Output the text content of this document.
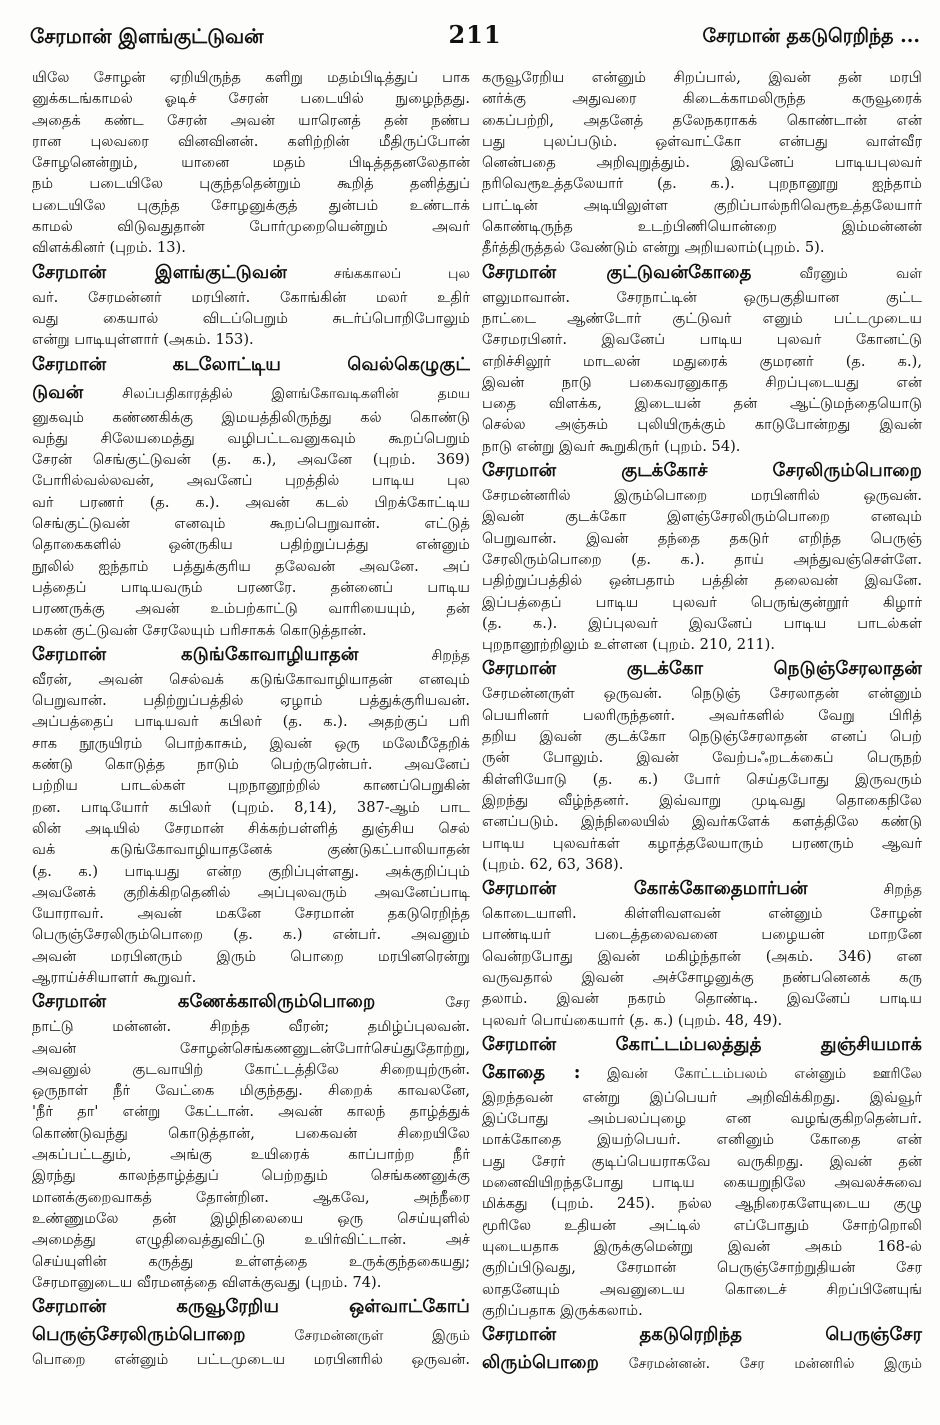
சேரமான் இளங்குட்டுவன்	211	சேரமான் தகடுரெறிந்த ...
யிலே சோழன் ஏறியிருந்த களிறு மதம்பிடித்துப் பாக
னுக்கடங்காமல் ஓடிச் சேரன் படையில் நுழைந்தது.
அதைக் கண்ட சேரன் அவன் யாரெனத் தன் நண்ப
ரான புலவரை வினவினன். களிற்றின் மீதிருப்போன்
சோழனென்றும், யானை மதம் பிடித்ததனலேதான்
நம் படையிலே புகுந்ததென்றும் கூறித் தனித்துப்
படையிலே புகுந்த சோழனுக்குத் துன்பம் உண்டாக்
காமல் விடுவதுதான் போர்முறையென்றும் அவர்
விளக்கினர் (புறம். 13).
சேரமான் இளங்குட்டுவன்	சங்ககாலப் புல
வர். சேரமன்னர் மரபினர். கோங்கின் மலர் உதிர்
வது கையால் விடப்பெறும் சுடர்ப்பொறிபோலும்
என்று பாடியுள்ளார் (அகம். 153).
சேரமான் கடலோட்டிய வெல்கெழுகுட்
டுவன்	சிலப்பதிகாரத்தில் இளங்கோவடிகளின் தமய
னுகவும் கண்ணகிக்கு இமயத்திலிருந்து கல் கொண்டு
வந்து சிலேயமைத்து வழிபட்டவனுகவும் கூறப்பெறும்
சேரன் செங்குட்டுவன் (த. க.), அவனே (புறம். 369)
போரில்வல்லவன், அவனேப் புறத்தில் பாடிய புல
வர் பரணர் (த. க.). அவன் கடல் பிறக்கோட்டிய
செங்குட்டுவன் எனவும் கூறப்பெறுவான். எட்டுத்
தொகைகளில் ஒன்ருகிய பதிற்றுப்பத்து என்னும்
நூலில் ஐந்தாம் பத்துக்குரிய தலேவன் அவனே. அப்
பத்தைப் பாடியவரும் பரணரே. தன்னைப் பாடிய
பரணருக்கு அவன் உம்பற்காட்டு வாரியையும், தன்
மகன் குட்டுவன் சேரலேயும் பரிசாகக் கொடுத்தான்.
சேரமான் கடுங்கோவாழியாதன்	சிறந்த
வீரன், அவன் செல்வக் கடுங்கோவாழியாதன் எனவும்
பெறுவான். பதிற்றுப்பத்தில் ஏழாம் பத்துக்குரியவன்.
அப்பத்தைப் பாடியவர் கபிலர் (த. க.). அதற்குப் பரி
சாக நூருயிரம் பொற்காசும், இவன் ஒரு மலேமீதேறிக்
கண்டு கொடுத்த நாடும் பெற்ருரென்பர். அவனேப்
பற்றிய பாடல்கள் புறநானூற்றில் காணப்பெறுகின்
றன. பாடியோர் கபிலர் (புறம். 8,14), 387-ஆம் பாட
லின் அடியில் சேரமான் சிக்கற்பள்ளித் துஞ்சிய செல்
வக் கடுங்கோவாழியாதனேக் குண்டுகட்பாலியாதன்
(த. க.) பாடியது என்ற குறிப்புள்ளது. அக்குறிப்பும்
அவனேக் குறிக்கிறதெனில் அப்புலவரும் அவனேப்பாடி
யோராவர். அவன் மகனே சேரமான் தகடுரெறிந்த
பெருஞ்சேரலிரும்பொறை (த. க.) என்பர். அவனும்
அவன் மரபினரும் இரும் பொறை மரபினரென்று
ஆராய்ச்சியாளர் கூறுவர்.
சேரமான் கணேக்காலிரும்பொறை	சேர
நாட்டு மன்னன். சிறந்த வீரன்; தமிழ்ப்புலவன்.
அவன் சோழன்செங்கணனுடன்போர்செய்துதோற்று,
அவனுல் குடவாயிற் கோட்டத்திலே சிறையுற்ருன்.
ஒருநாள் நீர் வேட்கை மிகுந்தது. சிறைக் காவலனே,
'நீர் தா' என்று கேட்டான். அவன் காலந் தாழ்த்துக்
கொண்டுவந்து கொடுத்தான், பகைவன் சிறையிலே
அகப்பட்டதும், அங்கு உயிரைக் காப்பாற்ற நீர்
இரந்து காலந்தாழ்த்துப் பெற்றதும் செங்கணனுக்கு
மானக்குறைவாகத் தோன்றின. ஆகவே, அந்நீரை
உண்ணுமலே தன் இழிநிலையை ஒரு செய்யுளில்
அமைத்து எழுதிவைத்துவிட்டு உயிர்விட்டான். அச்
செய்யுளின் கருத்து உள்ளத்தை உருக்குந்தகையது;
சேரமானுடைய வீரமனத்தை விளக்குவது (புறம். 74).
சேரமான் கருவூரேறிய ஒள்வாட்கோப்
பெருஞ்சேரலிரும்பொறை	சேரமன்னருள் இரும்
பொறை என்னும் பட்டமுடைய மரபினரில் ஒருவன்.
கருவூரேறிய என்னும் சிறப்பால், இவன் தன் மரபி
னர்க்கு அதுவரை கிடைக்காமலிருந்த கருவூரைக்
கைப்பற்றி, அதனேத் தலேநகராகக் கொண்டான் என்
பது புலப்படும். ஒள்வாட்கோ என்பது வாள்வீர
னென்பதை அறிவுறுத்தும். இவனேப் பாடியபுலவர்
நரிவெரூஉத்தலேயார் (த. க.). புறநானூறு ஐந்தாம்
பாட்டின் அடியிலுள்ள குறிப்பால்நரிவெரூஉத்தலேயார்
கொண்டிருந்த உடற்பிணியொன்றை இம்மன்னன்
தீர்த்திருத்தல் வேண்டும் என்று அறியலாம்(புறம். 5).
சேரமான் குட்டுவன்கோதை	வீரனும் வள்
ளலுமாவான். சேரநாட்டின் ஒருபகுதியான குட்ட
நாட்டை ஆண்டோர் குட்டுவர் எனும் பட்டமுடைய
சேரமரபினர். இவனேப் பாடிய புலவர் கோனட்டு
எறிச்சிலூர் மாடலன் மதுரைக் குமரனர் (த. க.),
இவன் நாடு பகைவரனுகாத சிறப்புடையது என்
பதை விளக்க, இடையன் தன் ஆட்டுமந்தையொடு
செல்ல அஞ்சும் புலியிருக்கும் காடுபோன்றது இவன்
நாடு என்று இவர் கூறுகிருர் (புறம். 54).
சேரமான் குடக்கோச் சேரலிரும்பொறை
சேரமன்னரில் இரும்பொறை மரபினரில் ஒருவன்.
இவன் குடக்கோ இளஞ்சேரலிரும்பொறை எனவும்
பெறுவான். இவன் தந்தை தகடுர் எறிந்த பெருஞ்
சேரலிரும்பொறை (த. க.). தாய் அந்துவஞ்செள்ளே.
பதிற்றுப்பத்தில் ஒன்பதாம் பத்தின் தலைவன் இவனே.
இப்பத்தைப் பாடிய புலவர் பெருங்குன்றூர் கிழார்
(த. க.). இப்புலவர் இவனேப் பாடிய பாடல்கள்
புறநானூற்றிலும் உள்ளன (புறம். 210, 211).
சேரமான் குடக்கோ நெடுஞ்சேரலாதன்
சேரமன்னருள் ஒருவன். நெடுஞ் சேரலாதன் என்னும்
பெயரினர் பலரிருந்தனர். அவர்களில் வேறு பிரித்
தறிய இவன் குடக்கோ நெடுஞ்சேரலாதன் எனப் பெற்
ருன் போலும். இவன் வேற்பஃறடக்கைப் பெருநற்
கிள்ளியோடு (த. க.) போர் செய்தபோது இருவரும்
இறந்து வீழ்ந்தனர். இவ்வாறு முடிவது தொகைநிலே
எனப்படும். இந்நிலையில் இவர்களேக் களத்திலே கண்டு
பாடிய புலவர்கள் கழாத்தலேயாரும் பரணரும் ஆவர்
(புறம். 62, 63, 368).
சேரமான் கோக்கோதைமார்பன்	சிறந்த
கொடையாளி. கிள்ளிவளவன் என்னும் சோழன்
பாண்டியர் படைத்தலைவனை பழையன் மாறனே
வென்றபோது இவன் மகிழ்ந்தான் (அகம். 346) என
வருவதால் இவன் அச்சோழனுக்கு நண்பனெனக் கரு
தலாம். இவன் நகரம் தொண்டி. இவனேப் பாடிய
புலவர் பொய்கையார் (த. க.) (புறம். 48, 49).
சேரமான் கோட்டம்பலத்துத் துஞ்சியமாக்
கோதை : இவன் கோட்டம்பலம் என்னும் ஊரிலே
இறந்தவன் என்று இப்பெயர் அறிவிக்கிறது. இவ்வூர்
இப்போது அம்பலப்புழை என வழங்குகிறதென்பர்.
மாக்கோதை இயற்பெயர். எனினும் கோதை என்
பது சேரர் குடிப்பெயராகவே வருகிறது. இவன் தன்
மனைவியிறந்தபோது பாடிய கையறுநிலே அவலச்சுவை
மிக்கது (புறம். 245). நல்ல ஆநிரைகளேயுடைய குழு
மூரிலே உதியன் அட்டில் எப்போதும் சோற்றொலி
யுடையதாக இருக்குமென்று இவன் அகம் 168-ல்
குறிப்பிடுவது, சேரமான் பெருஞ்சோற்றுதியன் சேர
லாதனேயும் அவனுடைய கொடைச் சிறப்பினேயுங்
குறிப்பதாக இருக்கலாம்.
சேரமான் தகடுரெறிந்த பெருஞ்சேர
லிரும்பொறை சேரமன்னன். சேர மன்னரில் இரும்
